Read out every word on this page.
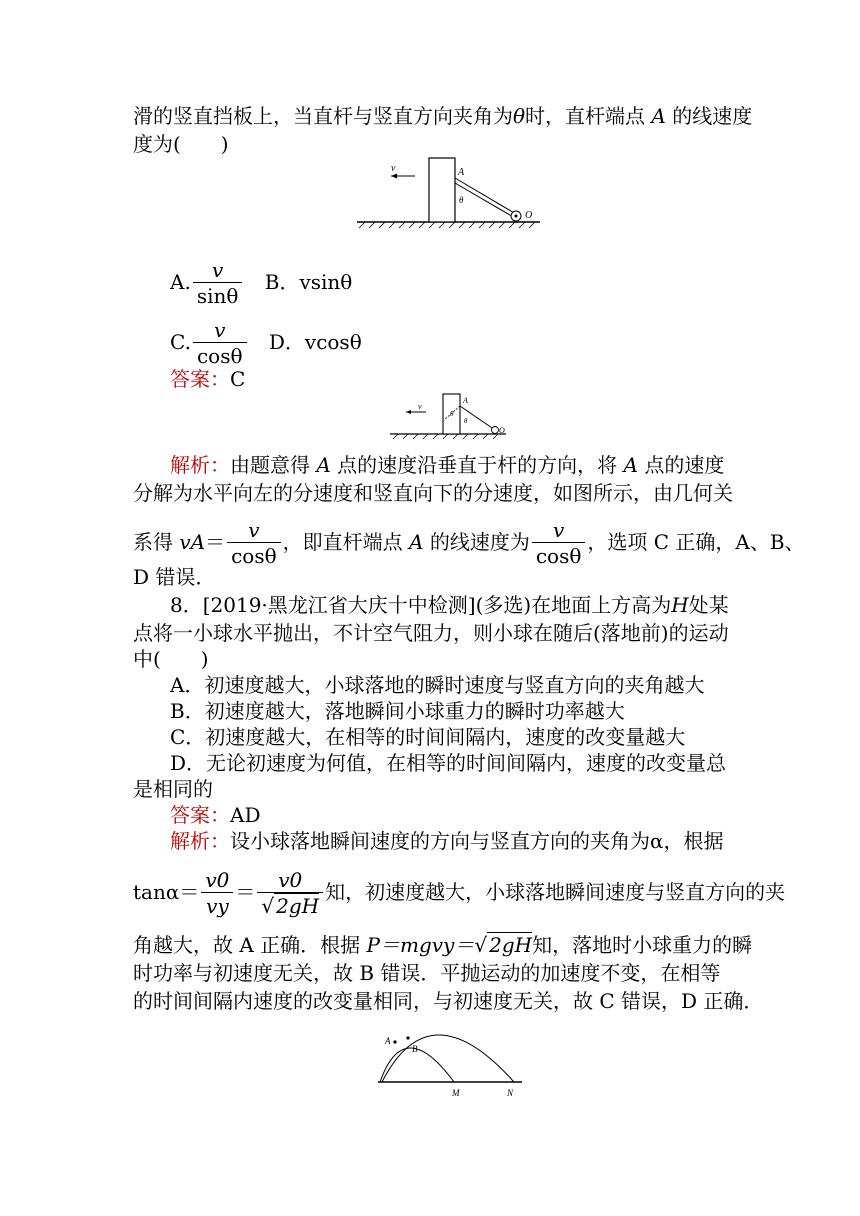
滑的竖直挡板上，当直杆与竖直方向夹角为θ时，直杆端点 A 的线速度
度为(　　)
v	A
θ
O
A. $\frac{v}{\sin\theta}$ B．vsinθ
C. $\frac{v}{\cos\theta}$ D．vcosθ
答案：C
v
A
θ
θ
O
解析：由题意得 A 点的速度沿垂直于杆的方向，将 A 点的速度
分解为水平向左的分速度和竖直向下的分速度，如图所示，由几何关
系得 $vA= \frac{v}{\cos\theta}$ ，即直杆端点 A 的线速度为 $\frac{v}{\cos\theta}$ ，选项 C 正确，A、B、
D 错误．
8．[2019·黑龙江省大庆十中检测](多选)在地面上方高为H处某
点将一小球水平抛出，不计空气阻力，则小球在随后(落地前)的运动
中(　　)
A．初速度越大，小球落地的瞬时速度与竖直方向的夹角越大
B．初速度越大，落地瞬间小球重力的瞬时功率越大
C．初速度越大，在相等的时间间隔内，速度的改变量越大
D．无论初速度为何值，在相等的时间间隔内，速度的改变量总
是相同的
答案：AD
解析：设小球落地瞬间速度的方向与竖直方向的夹角为α，根据
$\tan\alpha= \frac{v0}{vy} = \frac{v0}{√ 2gH}$ 知，初速度越大，小球落地瞬间速度与竖直方向的夹
角越大，故 A 正确．根据 P＝mgvy＝√ 2gH知，落地时小球重力的瞬
时功率与初速度无关，故 B 错误．平抛运动的加速度不变，在相等
的时间间隔内速度的改变量相同，与初速度无关，故 C 错误，D 正确．
A
B
M	N
